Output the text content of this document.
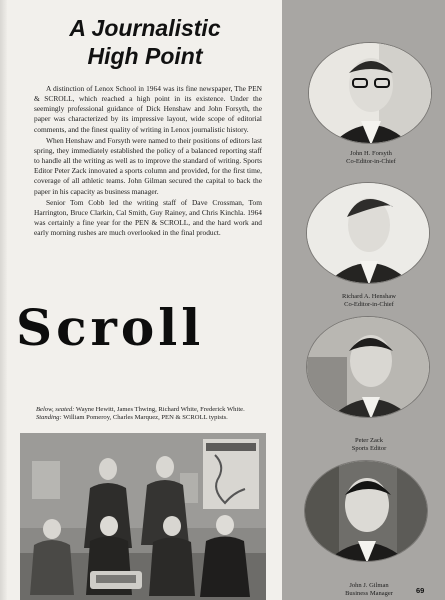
A Journalistic
High Point

A distinction of Lenox School in 1964 was its fine newspaper, The PEN & SCROLL, which reached a high point in its existence. Under the seemingly professional guidance of Dick Henshaw and John Forsyth, the paper was characterized by its impressive layout, wide scope of editorial comments, and the finest quality of writing in Lenox journalistic history.

When Henshaw and Forsyth were named to their positions of editors last spring, they immediately established the policy of a balanced reporting staff to handle all the writing as well as to improve the standard of writing. Sports Editor Peter Zack innovated a sports column and provided, for the first time, coverage of all athletic teams. John Gilman secured the capital to back the paper in his capacity as business manager.

Senior Tom Cobb led the writing staff of Dave Crossman, Tom Harrington, Bruce Clarkin, Cal Smith, Guy Rainey, and Chris Kinchla. 1964 was certainly a fine year for the PEN & SCROLL, and the hard work and early morning rushes are much overlooked in the final product.

Scroll
Below, seated: Wayne Hewitt, James Thwing, Richard White, Frederick White. Standing: William Pomeroy, Charles Marquez, PEN & SCROLL typists.
John H. Forsyth
Co-Editor-in-Chief
Richard A. Henshaw
Co-Editor-in-Chief
Peter Zack
Sports Editor
John J. Gilman
Business Manager	69
